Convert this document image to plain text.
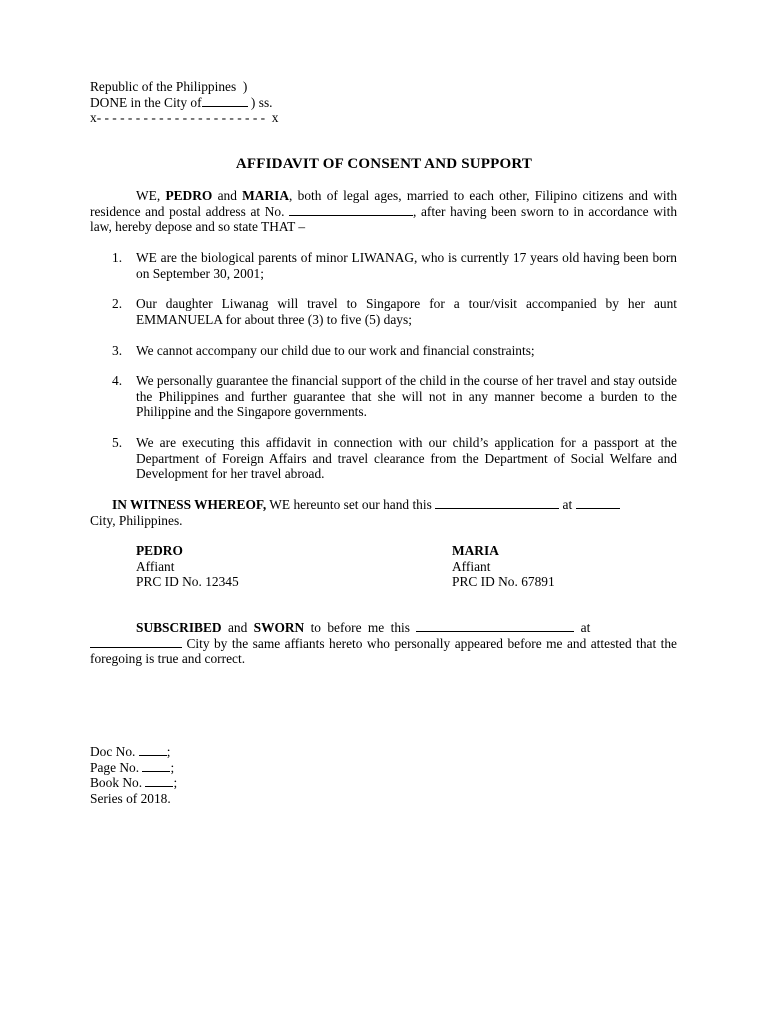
Republic of the Philippines  )
DONE in the City of	) ss.
x- - - - - - - - - - - - - - - - - - - - - -  x
AFFIDAVIT OF CONSENT AND SUPPORT

WE, PEDRO and MARIA, both of legal ages, married to each other, Filipino citizens and with residence and postal address at No.	, after having been sworn to in accordance with law, hereby depose and so state THAT –

1.	WE are the biological parents of minor LIWANAG, who is currently 17 years old having been born on September 30, 2001;
2.	Our daughter Liwanag will travel to Singapore for a tour/visit accompanied by her aunt EMMANUELA for about three (3) to five (5) days;
3.	We cannot accompany our child due to our work and financial constraints;
4.	We personally guarantee the financial support of the child in the course of her travel and stay outside the Philippines and further guarantee that she will not in any manner become a burden to the Philippine and the Singapore governments.
5.	We are executing this affidavit in connection with our child’s application for a passport at the Department of Foreign Affairs and travel clearance from the Department of Social Welfare and Development for her travel abroad.

IN WITNESS WHEREOF, WE hereunto set our hand this	at
City, Philippines.

PEDRO
Affiant
PRC ID No. 12345
MARIA
Affiant
PRC ID No. 67891

SUBSCRIBED and SWORN to before me this	at

City by the same affiants hereto who personally appeared before me and attested that the foregoing is true and correct.

Doc No. ;
Page No. ;
Book No. ;
Series of 2018.
